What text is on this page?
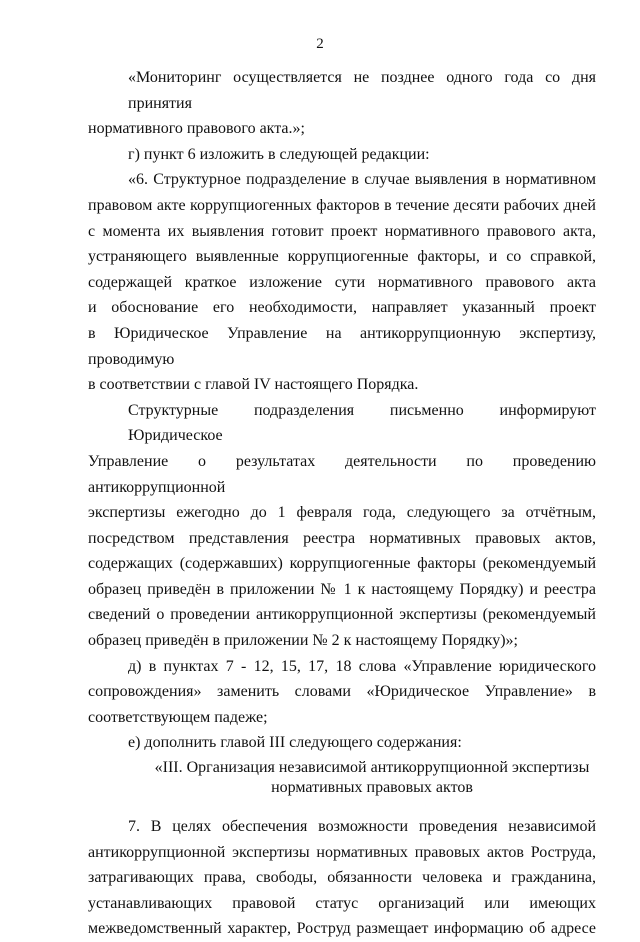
2
«Мониторинг осуществляется не позднее одного года со дня принятия
нормативного правового акта.»;
г) пункт 6 изложить в следующей редакции:
«6. Структурное подразделение в случае выявления в нормативном
правовом акте коррупциогенных факторов в течение десяти рабочих дней
с момента их выявления готовит проект нормативного правового акта,
устраняющего выявленные коррупциогенные факторы, и со справкой,
содержащей краткое изложение сути нормативного правового акта
и обоснование его необходимости, направляет указанный проект
в Юридическое Управление на антикоррупционную экспертизу, проводимую
в соответствии с главой IV настоящего Порядка.
Структурные подразделения письменно информируют Юридическое
Управление о результатах деятельности по проведению антикоррупционной
экспертизы ежегодно до 1 февраля года, следующего за отчётным,
посредством представления реестра нормативных правовых актов,
содержащих (содержавших) коррупциогенные факторы (рекомендуемый
образец приведён в приложении № 1 к настоящему Порядку) и реестра
сведений о проведении антикоррупционной экспертизы (рекомендуемый
образец приведён в приложении № 2 к настоящему Порядку)»;
д) в пунктах 7 - 12, 15, 17, 18 слова «Управление юридического
сопровождения» заменить словами «Юридическое Управление» в
соответствующем падеже;
е) дополнить главой III следующего содержания:
«III. Организация независимой антикоррупционной экспертизы
нормативных правовых актов
7. В целях обеспечения возможности проведения независимой
антикоррупционной экспертизы нормативных правовых актов Роструда,
затрагивающих права, свободы, обязанности человека и гражданина,
устанавливающих правовой статус организаций или имеющих
межведомственный характер, Роструд размещает информацию об адресе
